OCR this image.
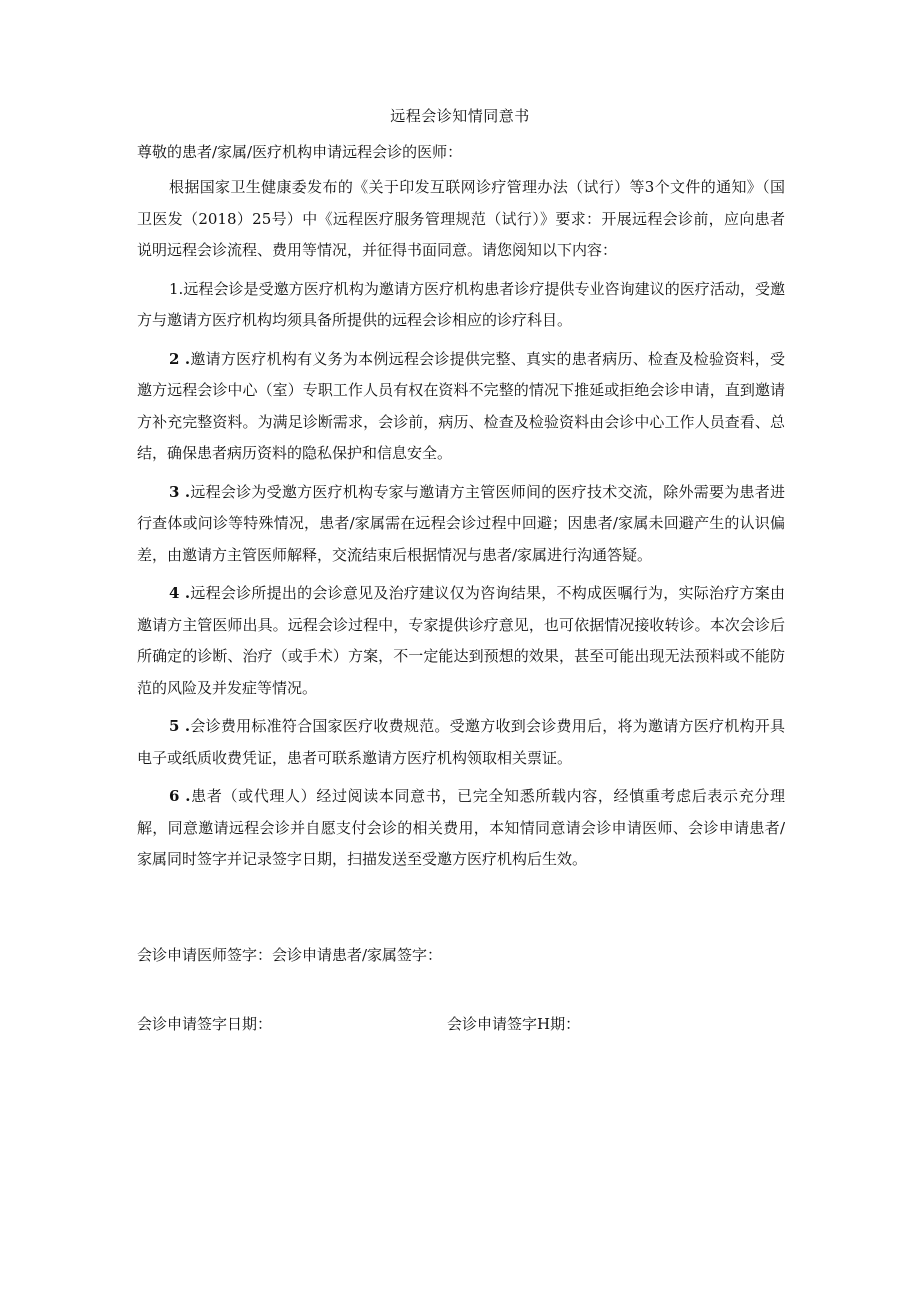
远程会诊知情同意书
尊敬的患者/家属/医疗机构申请远程会诊的医师：

根据国家卫生健康委发布的《关于印发互联网诊疗管理办法（试行）等3个文件的通知》（国卫医发（2018）25号）中《远程医疗服务管理规范（试行）》要求：开展远程会诊前，应向患者说明远程会诊流程、费用等情况，并征得书面同意。请您阅知以下内容：

1.远程会诊是受邀方医疗机构为邀请方医疗机构患者诊疗提供专业咨询建议的医疗活动，受邀方与邀请方医疗机构均须具备所提供的远程会诊相应的诊疗科目。

2 .邀请方医疗机构有义务为本例远程会诊提供完整、真实的患者病历、检查及检验资料，受邀方远程会诊中心（室）专职工作人员有权在资料不完整的情况下推延或拒绝会诊申请，直到邀请方补充完整资料。为满足诊断需求，会诊前，病历、检查及检验资料由会诊中心工作人员查看、总结，确保患者病历资料的隐私保护和信息安全。

3 .远程会诊为受邀方医疗机构专家与邀请方主管医师间的医疗技术交流，除外需要为患者进行查体或问诊等特殊情况，患者/家属需在远程会诊过程中回避；因患者/家属未回避产生的认识偏差，由邀请方主管医师解释，交流结束后根据情况与患者/家属进行沟通答疑。

4 .远程会诊所提出的会诊意见及治疗建议仅为咨询结果，不构成医嘱行为，实际治疗方案由邀请方主管医师出具。远程会诊过程中，专家提供诊疗意见，也可依据情况接收转诊。本次会诊后所确定的诊断、治疗（或手术）方案，不一定能达到预想的效果，甚至可能出现无法预料或不能防范的风险及并发症等情况。

5 .会诊费用标准符合国家医疗收费规范。受邀方收到会诊费用后，将为邀请方医疗机构开具电子或纸质收费凭证，患者可联系邀请方医疗机构领取相关票证。

6 .患者（或代理人）经过阅读本同意书，已完全知悉所载内容，经慎重考虑后表示充分理解，同意邀请远程会诊并自愿支付会诊的相关费用，本知情同意请会诊申请医师、会诊申请患者/家属同时签字并记录签字日期，扫描发送至受邀方医疗机构后生效。

会诊申请医师签字：会诊申请患者/家属签字：
会诊申请签字日期：	会诊申请签字H期：
